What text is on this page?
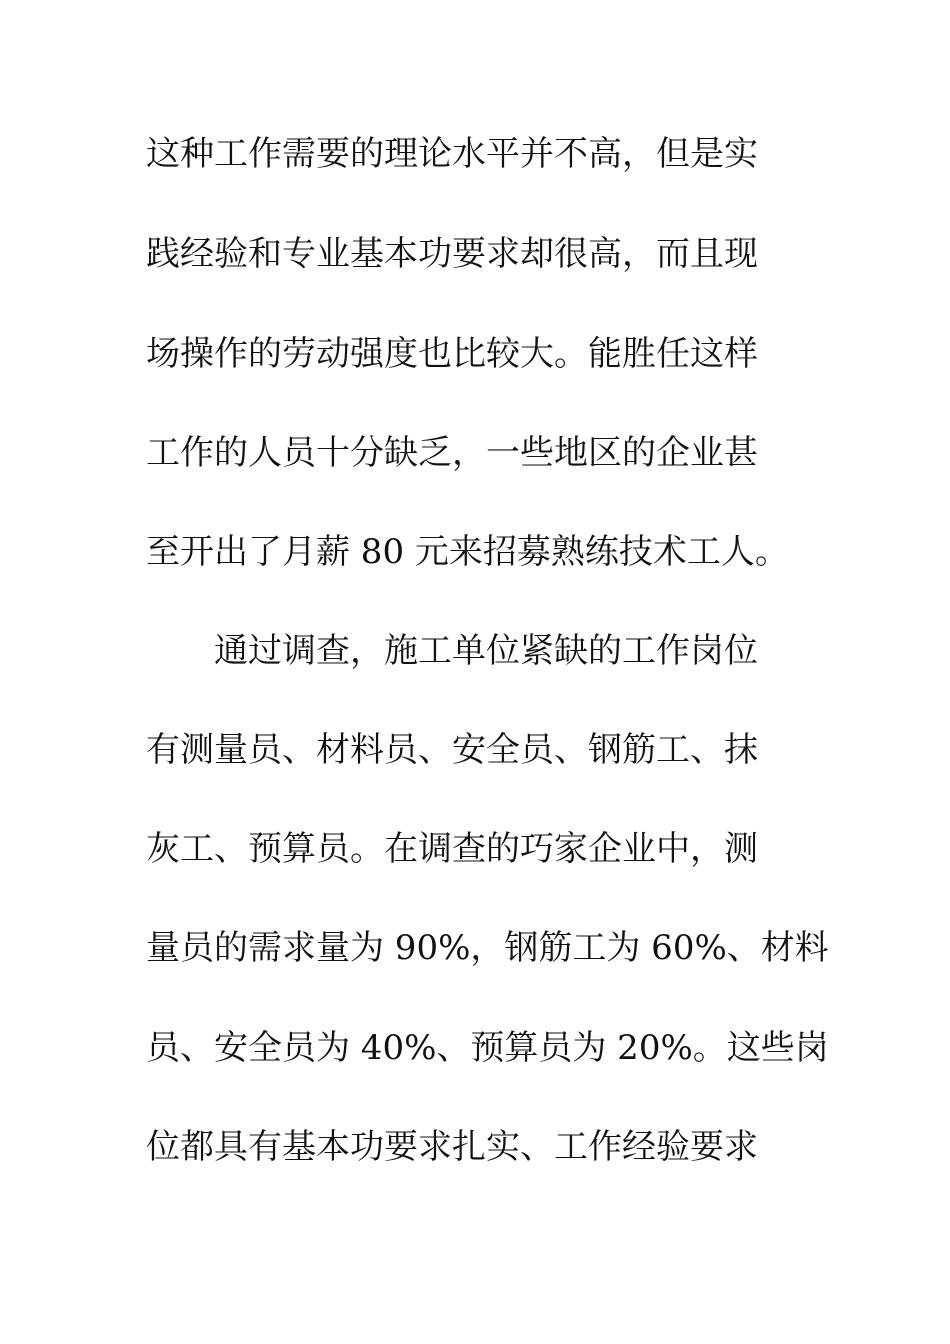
这种工作需要的理论水平并不高，但是实
践经验和专业基本功要求却很高，而且现
场操作的劳动强度也比较大。能胜任这样
工作的人员十分缺乏，一些地区的企业甚
至开出了月薪 80 元来招募熟练技术工人。
　　通过调查，施工单位紧缺的工作岗位
有测量员、材料员、安全员、钢筋工、抹
灰工、预算员。在调查的巧家企业中，测
量员的需求量为 90%，钢筋工为 60%、材料
员、安全员为 40%、预算员为 20%。这些岗
位都具有基本功要求扎实、工作经验要求
